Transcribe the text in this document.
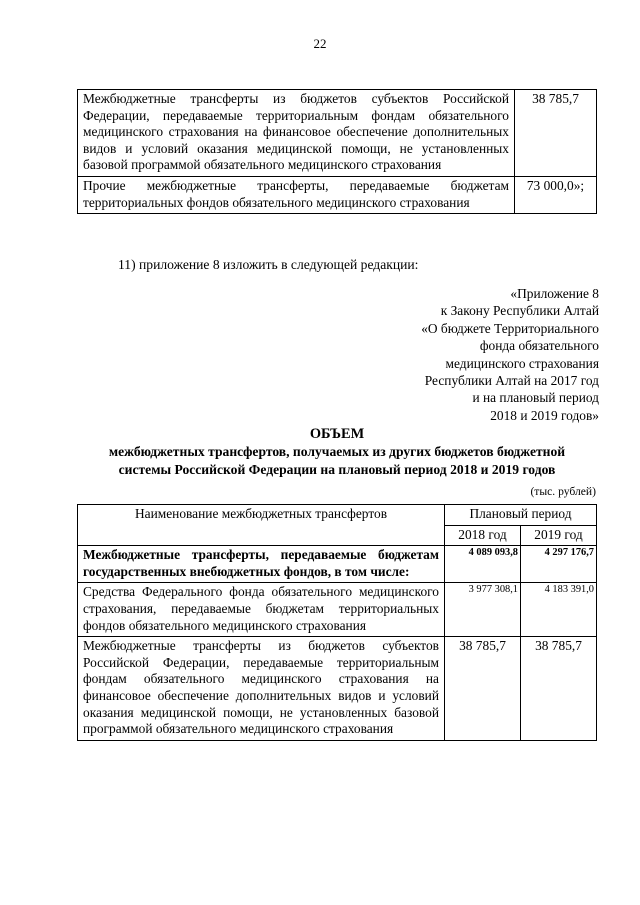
22
Межбюджетные трансферты из бюджетов субъектов Российской Федерации, передаваемые территориальным фондам обязательного медицинского страхования на финансовое обеспечение дополнительных видов и условий оказания медицинской помощи, не установленных базовой программой обязательного медицинского страхования	38 785,7
Прочие межбюджетные трансферты, передаваемые бюджетам территориальных фондов обязательного медицинского страхования	73 000,0»;
11) приложение 8 изложить в следующей редакции:
«Приложение 8
к Закону Республики Алтай
«О бюджете Территориального
фонда обязательного
медицинского страхования
Республики Алтай на 2017 год
и на плановый период
2018 и 2019 годов»
ОБЪЕМ
межбюджетных трансфертов, получаемых из других бюджетов бюджетной
системы Российской Федерации на плановый период 2018 и 2019 годов
(тыс. рублей)
Наименование межбюджетных трансфертов	Плановый период	
	2018 год	2019 год
Межбюджетные трансферты, передаваемые бюджетам государственных внебюджетных фондов, в том числе:	4 089 093,8	4 297 176,7
Средства Федерального фонда обязательного медицинского страхования, передаваемые бюджетам территориальных фондов обязательного медицинского страхования	3 977 308,1	4 183 391,0
Межбюджетные трансферты из бюджетов субъектов Российской Федерации, передаваемые территориальным фондам обязательного медицинского страхования на финансовое обеспечение дополнительных видов и условий оказания медицинской помощи, не установленных базовой программой обязательного медицинского страхования	38 785,7	38 785,7
